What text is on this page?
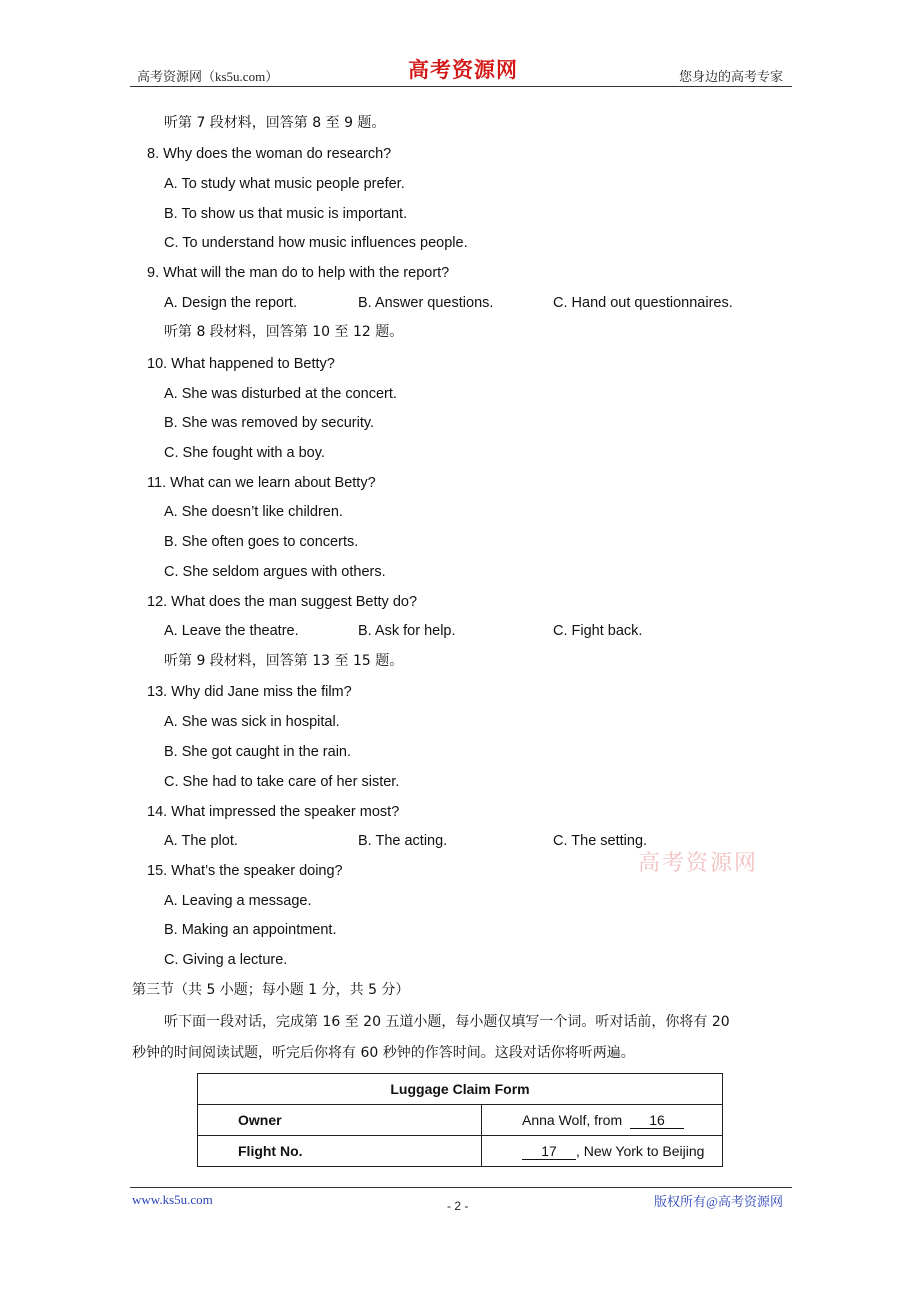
高考资源网（ks5u.com）	高考资源网	您身边的高考专家
听第 7 段材料，回答第 8 至 9 题。
8. Why does the woman do research?
A. To study what music people prefer.
B. To show us that music is important.
C. To understand how music influences people.
9. What will the man do to help with the report?
A. Design the report.	B. Answer questions.	C. Hand out questionnaires.
听第 8 段材料，回答第 10 至 12 题。
10. What happened to Betty?
A. She was disturbed at the concert.
B. She was removed by security.
C. She fought with a boy.
11. What can we learn about Betty?
A. She doesn’t like children.
B. She often goes to concerts.
C. She seldom argues with others.
12. What does the man suggest Betty do?
A. Leave the theatre.	B. Ask for help.	C. Fight back.
听第 9 段材料，回答第 13 至 15 题。
13. Why did Jane miss the film?
A. She was sick in hospital.
B. She got caught in the rain.
C. She had to take care of her sister.
14. What impressed the speaker most?
A. The plot.	B. The acting.	C. The setting.
高考资源网
15. What’s the speaker doing?
A. Leaving a message.
B. Making an appointment.
C. Giving a lecture.
第三节（共 5 小题；每小题 1 分，共 5 分）
听下面一段对话，完成第 16 至 20 五道小题，每小题仅填写一个词。听对话前，你将有 20
秒钟的时间阅读试题，听完后你将有 60 秒钟的作答时间。这段对话你将听两遍。
Luggage Claim Form	
Owner	Anna Wolf, from 16
Flight No.	17 , New York to Beijing
www.ks5u.com	- 2 -	版权所有@高考资源网
